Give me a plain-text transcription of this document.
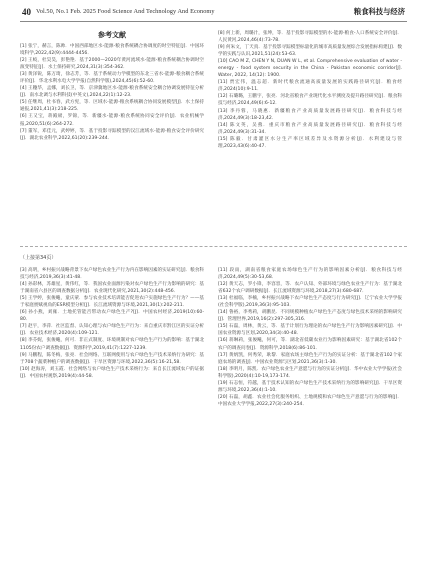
40 Vol.50, No.1 Feb. 2025 Food Science And Technology And Economy	粮食科技与经济
参考文献

[1] 张宁，赫言，陈帅．中国西部地区水-能源-粮食系统耦合协调度的时空特征[J]．中国环境科学,2022,42(9):4444-4456．

[2] 王蛟，杜昊昊，彭艳艳．基于2000—2020年黄河流域水-能源-粮食系统耦合协调时空演变特征[J]．水土保持研究,2024,31(3):354-362．

[3] 黄泽锐，陈万琦，徐志芳，等．基于系统动力学模型的东北三省水-能源-粮食耦合系统评价[J]．华北水利水电大学学报(自然科学版),2024,45(6):52-60．

[4] 王穗华，孟娜，刘长卫，等．京津冀地区水-能源-粮食系统安全耦合协调发展特征分析[J]．南水北调与水利科技(中英文),2024,22(1):12-23．

[5] 任继周，杜书春，武方宪，等．区域水-能源-粮食系统耦合协同发展模型[J]．水土保持通报,2021,41(3):218-225．

[6] 王又宝，蒋殿磅，罗锦，等．新疆水-能源-粮食系统协同安全评价[J]．农业机械学报,2020,51(6):264-272．

[7] 董军，邓佳元，武婷婷，等．基于投影寻踪模型的汉江流域水-能源-粮食安全评价研究[J]．湖北农业科学,2022,61(20):239-244．

[8] 何上新，周璐汁，张坤，等．基于投影寻踪模型的水-能源-粮食-人口系统安全评价[J]．人民黄河,2024,46(4):73-78．

[9] 何朱文，丁天真．基于投影寻踪模型标量化的城市高质量发展综合发展指标构建[J]．数学的实践与认识,2021,51(24):53-63．

[10] CAO M Z, CHEN Y N, DUAN W L, et al. Comprehensive evaluation of water - energy - food system security in the China - Pakistan economic corridor[J]. Water, 2022, 14(12): 1900．

[11] 贾宏伟，温志超．新时代粮食流通高质量发展的实践路径研究[J]．粮食经济,2024(10):9-11．

[12] 石璐璐，王鹏宇，张亮．河北省粮食产业现代化水平测度及提升路径研究[J]．粮食科技与经济,2024,49(6):6-12．

[13] 李丹蓉，马晓惠．新疆粮食产业高质量发展路径研究[J]．粮食科技与经济,2024,49(3):18-23,42．

[14] 陈文英，吴燕．重庆市粮食产业高质量发展路径研究[J]．粮食科技与经济,2024,49(3):31-34．

[15] 陈毅．甘肃灌区水分生产率区域差异及水资源分析[J]．水利建设与管理,2023,43(6):40-47．

（上接第34页）

[3] 高明，乡村振兴战略背景下农户绿色农业生产行为内在影响因素的实证研究[J]．粮食科技与经济,2019,36(3):41-48．

[4] 孙彩林，苏雄星，黄伟红，等．我国农业面源污染对农户绿色生产行为影响的研究：基于湖南省六县区的调查数据分析[J]．农业现代化研究,2021,30(2):448-456．

[5] 王学婷，张俊飚，童庆蒙．参与农业技术培训能否促进农户实施绿色生产行为？——基于家庭禀赋视角的ESR模型分析[J]．长江流域资源与环境,2021,30(1):202-211．

[6] 孙小燕，刘雍．土地托管能否带动农户绿色生产?[J]．中国农村经济,2019(10):60-80．

[7] 赵宇，李萍．社区监督、认知心理与农户绿色生产行为：来自重庆市黔江区的实证分析[J]．农业技术经济,2020(4):109-121．

[8] 李芬妮，张俊飚，何可．非正式制度、环境规制对农户绿色生产行为的影响：基于湖北1105份农户调查数据[J]．资源科学,2019,41(7):1227-1239．

[9] 马鹏程，陈冬梅，张亮．社会网络、互联网使用与农户绿色生产技术采纳行为研究：基于708个蔬菜种植户的调查数据[J]．干旱区资源与环境,2022,36(5):16-21,58．

[10] 赵海涛，刘玉霞．社会网络与农户绿色生产技术采纳行为：来自长江流域农户的证据[J]．中国农村观察,2019(4):44-58．

[11] 段雨，湖南省粮食家庭农场绿色生产行为的影响因素分析[J]．粮食科技与经济,2024,49(5):30-53,68．

[12] 黄天志，罗小锋，李容容，等．农户认知、外部环境与绿色农业生产行为：基于湖北省632个农户调研数据[J]．长江流域资源与环境,2018,27(3):680-687．

[13] 杜福临，李楠，乡村振兴战略下农户绿色生产态度与行为研究[J]．辽宁农业大学学报(社会科学版),2019,36(3):95-103．

[14] 鲁裕，李秀莉，胡鹏昆．不同规模种植农户绿色生产态度与绿色技术采纳的影响研究[J]．管理世界,2019,16(2):297-305,316．

[15] 石磊，周林，黄云，等．基于计划行为理论的农户绿色生产行为影响因素研究[J]．中国农业资源与区划,2020,34(3):40-48．

[16] 蒋琳莉，张俊飚，何可，等．湖北省低碳农业行为影响因素研究：基于湖北省102个农户的调查问卷[J]．资源科学,2018(6):86-101．

[17] 黄炳凯，何秀荣，耿黎．家庭农场主绿色生产行为的实证分析：基于湖北省102个家庭农场的调查[J]．中国农业资源与区划,2021,36(3):1-30．

[18] 李明月，陈凯．农户绿色农业生产意愿与行为的实证分析[J]．华中农业大学学报(社会科学版),2020(4):10-19,173-174．

[19] 石志恒，符越，基于技术认知的农户绿色生产技术采纳行为的影响研究[J]．干旱区资源与环境,2022,36(4):1-10．

[20] 石磊，胡鑫．农业社会化服务组织、土地规模和农户绿色生产意愿与行为的影响[J]．中国农业大学学报,2022,27(3):240-254．
